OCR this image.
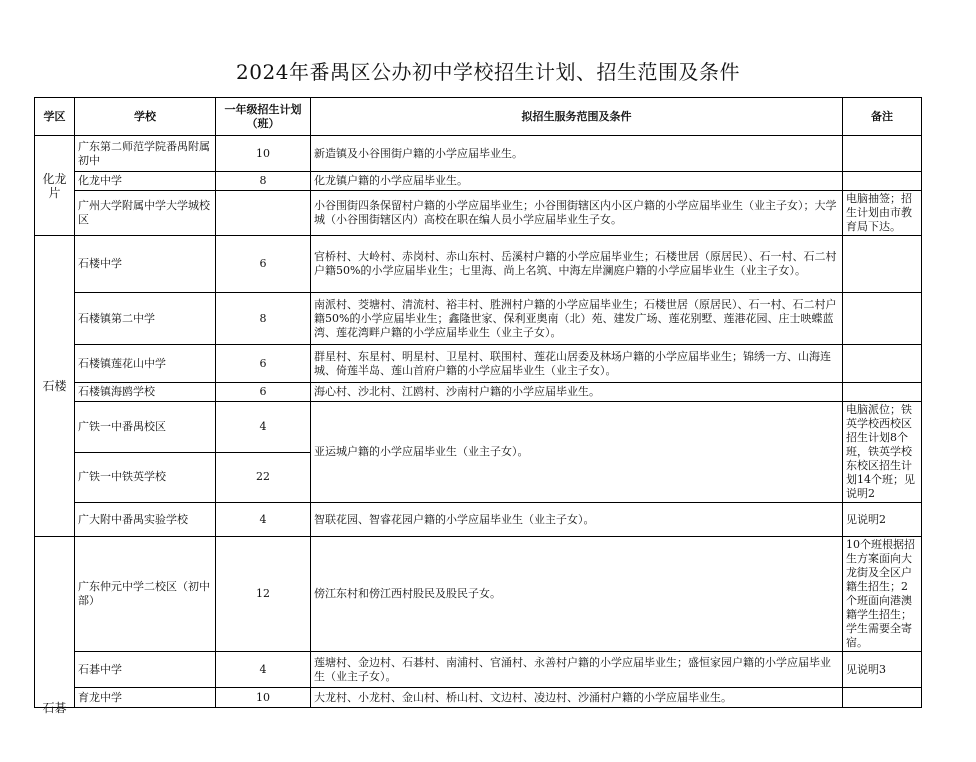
2024年番禺区公办初中学校招生计划、招生范围及条件
学区	学校	一年级招生计划（班）	拟招生服务范围及条件	备注
化龙片	广东第二师范学院番禺附属初中	10	新造镇及小谷围街户籍的小学应届毕业生。	
	化龙中学	8	化龙镇户籍的小学应届毕业生。	
	广州大学附属中学大学城校区		小谷围街四条保留村户籍的小学应届毕业生；小谷围街辖区内小区户籍的小学应届毕业生（业主子女）；大学城（小谷围街辖区内）高校在职在编人员小学应届毕业生子女。	电脑抽签；招生计划由市教育局下达。
石楼	石楼中学	6	官桥村、大岭村、赤岗村、赤山东村、岳溪村户籍的小学应届毕业生；石楼世居（原居民）、石一村、石二村户籍50%的小学应届毕业生；七里海、尚上名筑、中海左岸澜庭户籍的小学应届毕业生（业主子女）。	
	石楼镇第二中学	8	南派村、茭塘村、清流村、裕丰村、胜洲村户籍的小学应届毕业生；石楼世居（原居民）、石一村、石二村户籍50%的小学应届毕业生；鑫隆世家、保利亚奥南（北）苑、建发广场、莲花别墅、莲港花园、庄士映蝶蓝湾、莲花湾畔户籍的小学应届毕业生（业主子女）。	
	石楼镇莲花山中学	6	群星村、东星村、明星村、卫星村、联围村、莲花山居委及林场户籍的小学应届毕业生；锦绣一方、山海连城、倚莲半岛、莲山首府户籍的小学应届毕业生（业主子女）。	
	石楼镇海鸥学校	6	海心村、沙北村、江鸥村、沙南村户籍的小学应届毕业生。	
	广铁一中番禺校区	4	亚运城户籍的小学应届毕业生（业主子女）。	电脑派位；铁英学校西校区招生计划8个班，铁英学校东校区招生计划14个班；见说明2
	广铁一中铁英学校	22		
	广大附中番禺实验学校	4	智联花园、智睿花园户籍的小学应届毕业生（业主子女）。	见说明2
石碁	广东仲元中学二校区（初中部）	12	傍江东村和傍江西村股民及股民子女。	10个班根据招生方案面向大龙街及全区户籍生招生；2个班面向港澳籍学生招生；学生需要全寄宿。
	石碁中学	4	莲塘村、金边村、石碁村、南浦村、官涌村、永善村户籍的小学应届毕业生；盛恒家园户籍的小学应届毕业生（业主子女）。	见说明3
	育龙中学	10	大龙村、小龙村、金山村、桥山村、文边村、凌边村、沙涌村户籍的小学应届毕业生。	
